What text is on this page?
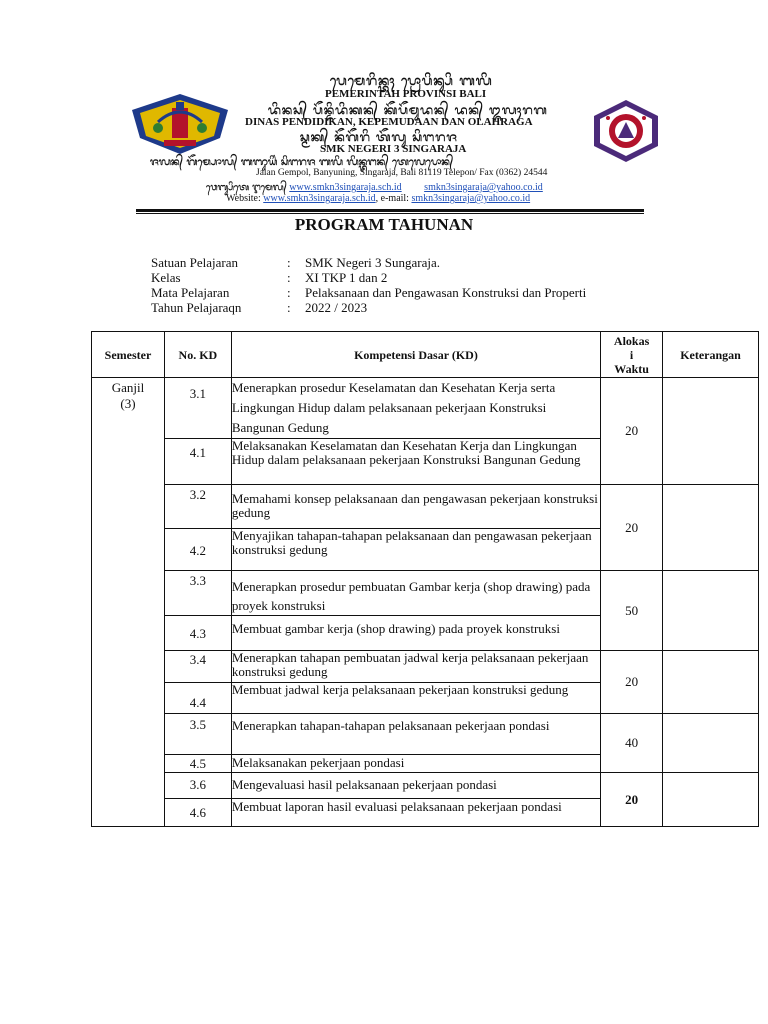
ᬧᬾᬫᬾᬭᬶᬦ᭄ᬢᬄ ᬧ᭄ᬭᭀᬧᬶᬦ᭄ᬲᬶ ᬩᬮᬶ
PEMERINTAH PROVINSI BALI
ᬤᬶᬦᬲ᭄ ᬧᭂᬦ᭄ᬤᬶᬤᬶᬓᬦ᭄ ᬓᭂᬧᭂᬫᬸᬤᬦ᭄ ᬤᬦ᭄ ᬑᬮᬄᬭᬕ
DINAS PENDIDIKAN, KEPEMUDAAN DAN OLAHRAGA
ᬲ᭄ᬫᬓ᭄ ᬦᭂᬕᭂᬭᬶ ᬢᭂᬮᬸ ᬲᬶᬗᬭᬚ
SMK NEGERI 3 SINGARAJA
ᬚᬮᬦ᭄ ᬕᭂᬫ᭄ᬧᭀᬮ᭄ ᬩᬜᬸᬬᬶᬂ ᬲᬶᬗᬭᬚ ᬩᬮᬶ ᬮᬶᬦ᭄ᬢᬗᬦ᭄ ᬢᬾᬮᬾᬧᭀᬦ᭄
Jalan Gempol, Banyuning, Singaraja, Bali 81119 Telepon/ Fax (0362) 24544
ᬯᬾᬩ᭄ᬲᬶᬢᬾ ᬇᬫᬾᬮ᭄ www.smkn3singaraja.sch.id smkn3singaraja@yahoo.co.id
Website: www.smkn3singaraja.sch.id, e-mail: smkn3singaraja@yahoo.co.id
PROGRAM TAHUNAN
Satuan Pelajaran	:	SMK Negeri 3 Sungaraja.
Kelas	:	XI TKP 1 dan 2
Mata Pelajaran	:	Pelaksanaan dan Pengawasan Konstruksi dan Properti
Tahun Pelajaraqn	:	2022 / 2023
Semester	No. KD	Kompetensi Dasar (KD)	Alokas
i
Waktu	Keterangan

Ganjil
(3)	3.1	Menerapkan prosedur Keselamatan dan Kesehatan Kerja serta Lingkungan Hidup dalam pelaksanaan pekerjaan Konstruksi Bangunan Gedung	20	
	4.1	Melaksanakan Keselamatan dan Kesehatan Kerja dan Lingkungan Hidup dalam pelaksanaan pekerjaan Konstruksi Bangunan Gedung		
	3.2	Memahami konsep pelaksanaan dan pengawasan pekerjaan konstruksi gedung	20	
	4.2	Menyajikan tahapan-tahapan pelaksanaan dan pengawasan pekerjaan konstruksi gedung		
	3.3	Menerapkan prosedur pembuatan Gambar kerja (shop drawing) pada proyek konstruksi	50	
	4.3	Membuat gambar kerja (shop drawing) pada proyek konstruksi		
	3.4	Menerapkan tahapan pembuatan jadwal kerja pelaksanaan pekerjaan konstruksi gedung	20	
	4.4	Membuat jadwal kerja pelaksanaan pekerjaan konstruksi gedung		
	3.5	Menerapkan tahapan-tahapan pelaksanaan pekerjaan pondasi	40	
	4.5	Melaksanakan pekerjaan pondasi		
	3.6	Mengevaluasi hasil pelaksanaan pekerjaan pondasi	20	
	4.6	Membuat laporan hasil evaluasi pelaksanaan pekerjaan pondasi		
